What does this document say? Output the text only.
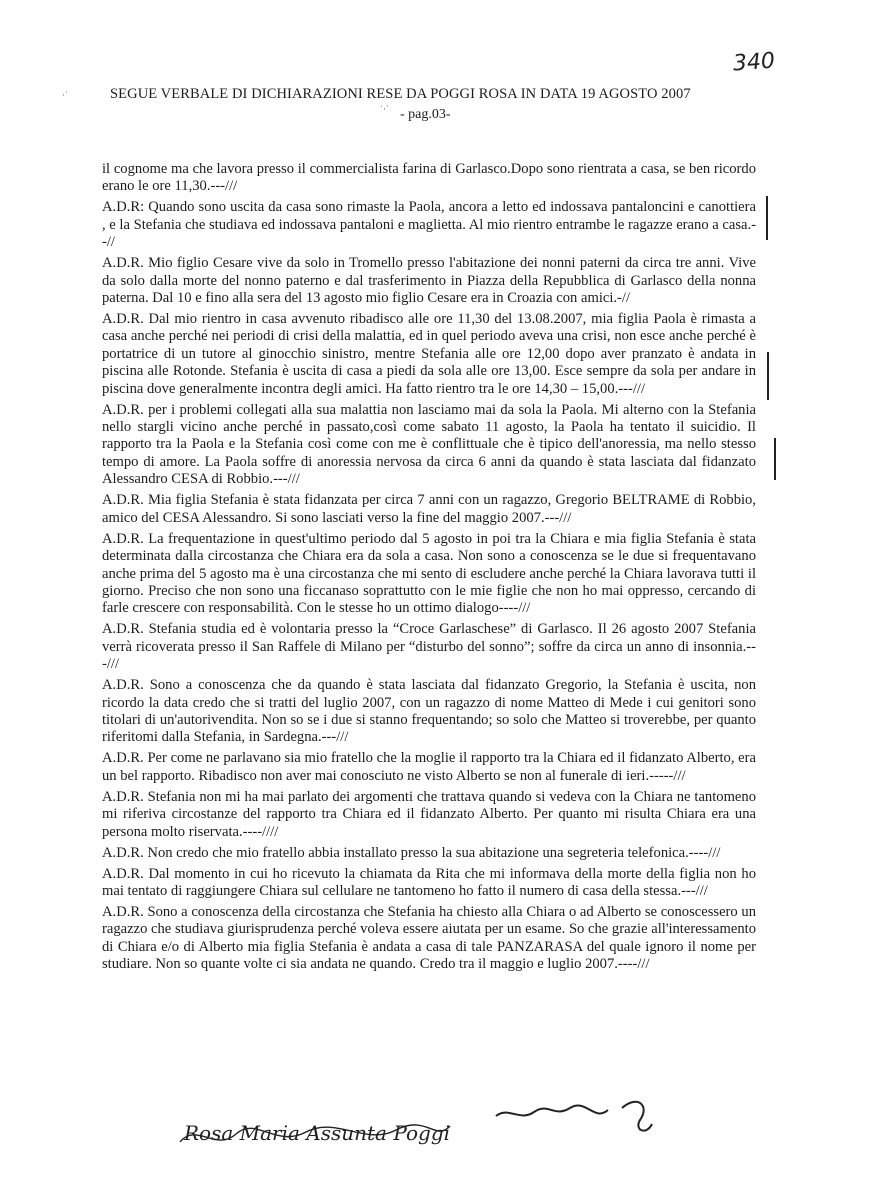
340
·˙
˙·˙
SEGUE VERBALE DI DICHIARAZIONI RESE DA POGGI ROSA IN DATA 19 AGOSTO 2007
- pag.03-

il cognome ma che lavora presso il commercialista farina di Garlasco.Dopo sono rientrata a casa, se ben ricordo erano le ore 11,30.---///

A.D.R: Quando sono uscita da casa sono rimaste la Paola, ancora a letto ed indossava pantaloncini e canottiera , e la Stefania che studiava ed indossava pantaloni e maglietta. Al mio rientro entrambe le ragazze erano a casa.--//

A.D.R. Mio figlio Cesare vive da solo in Tromello presso l'abitazione dei nonni paterni da circa tre anni. Vive da solo dalla morte del nonno paterno e dal trasferimento in Piazza della Repubblica di Garlasco della nonna paterna. Dal 10 e fino alla sera del 13 agosto mio figlio Cesare era in Croazia con amici.-//

A.D.R. Dal mio rientro in casa avvenuto ribadisco alle ore 11,30 del 13.08.2007, mia figlia Paola è rimasta a casa anche perché nei periodi di crisi della malattia, ed in quel periodo aveva una crisi, non esce anche perché è portatrice di un tutore al ginocchio sinistro, mentre Stefania alle ore 12,00 dopo aver pranzato è andata in piscina alle Rotonde. Stefania è uscita di casa a piedi da sola alle ore 13,00. Esce sempre da sola per andare in piscina dove generalmente incontra degli amici. Ha fatto rientro tra le ore 14,30 – 15,00.---///

A.D.R. per i problemi collegati alla sua malattia non lasciamo mai da sola la Paola. Mi alterno con la Stefania nello stargli vicino anche perché in passato,così come sabato 11 agosto, la Paola ha tentato il suicidio. Il rapporto tra la Paola e la Stefania così come con me è conflittuale che è tipico dell'anoressia, ma nello stesso tempo di amore. La Paola soffre di anoressia nervosa da circa 6 anni da quando è stata lasciata dal fidanzato Alessandro CESA di Robbio.---///

A.D.R. Mia figlia Stefania è stata fidanzata per circa 7 anni con un ragazzo, Gregorio BELTRAME di Robbio, amico del CESA Alessandro. Si sono lasciati verso la fine del maggio 2007.---///

A.D.R. La frequentazione in quest'ultimo periodo dal 5 agosto in poi tra la Chiara e mia figlia Stefania è stata determinata dalla circostanza che Chiara era da sola a casa. Non sono a conoscenza se le due si frequentavano anche prima del 5 agosto ma è una circostanza che mi sento di escludere anche perché la Chiara lavorava tutti il giorno. Preciso che non sono una ficcanaso soprattutto con le mie figlie che non ho mai oppresso, cercando di farle crescere con responsabilità. Con le stesse ho un ottimo dialogo----///

A.D.R. Stefania studia ed è volontaria presso la “Croce Garlaschese” di Garlasco. Il 26 agosto 2007 Stefania verrà ricoverata presso il San Raffele di Milano per “disturbo del sonno”; soffre da circa un anno di insonnia.---///

A.D.R. Sono a conoscenza che da quando è stata lasciata dal fidanzato Gregorio, la Stefania è uscita, non ricordo la data credo che si tratti del luglio 2007, con un ragazzo di nome Matteo di Mede i cui genitori sono titolari di un'autorivendita. Non so se i due si stanno frequentando; so solo che Matteo si troverebbe, per quanto riferitomi dalla Stefania, in Sardegna.---///

A.D.R. Per come ne parlavano sia mio fratello che la moglie il rapporto tra la Chiara ed il fidanzato Alberto, era un bel rapporto. Ribadisco non aver mai conosciuto ne visto Alberto se non al funerale di ieri.-----///

A.D.R. Stefania non mi ha mai parlato dei argomenti che trattava quando si vedeva con la Chiara ne tantomeno mi riferiva circostanze del rapporto tra Chiara ed il fidanzato Alberto. Per quanto mi risulta Chiara era una persona molto riservata.----////

A.D.R. Non credo che mio fratello abbia installato presso la sua abitazione una segreteria telefonica.----///

A.D.R. Dal momento in cui ho ricevuto la chiamata da Rita che mi informava della morte della figlia non ho mai tentato di raggiungere Chiara sul cellulare ne tantomeno ho fatto il numero di casa della stessa.---///

A.D.R. Sono a conoscenza della circostanza che Stefania ha chiesto alla Chiara o ad Alberto se conoscessero un ragazzo che studiava giurisprudenza perché voleva essere aiutata per un esame. So che grazie all'interessamento di Chiara e/o di Alberto mia figlia Stefania è andata a casa di tale PANZARASA del quale ignoro il nome per studiare. Non so quante volte ci sia andata ne quando. Credo tra il maggio e luglio 2007.----///

Rosa Maria Assunta Poggi
